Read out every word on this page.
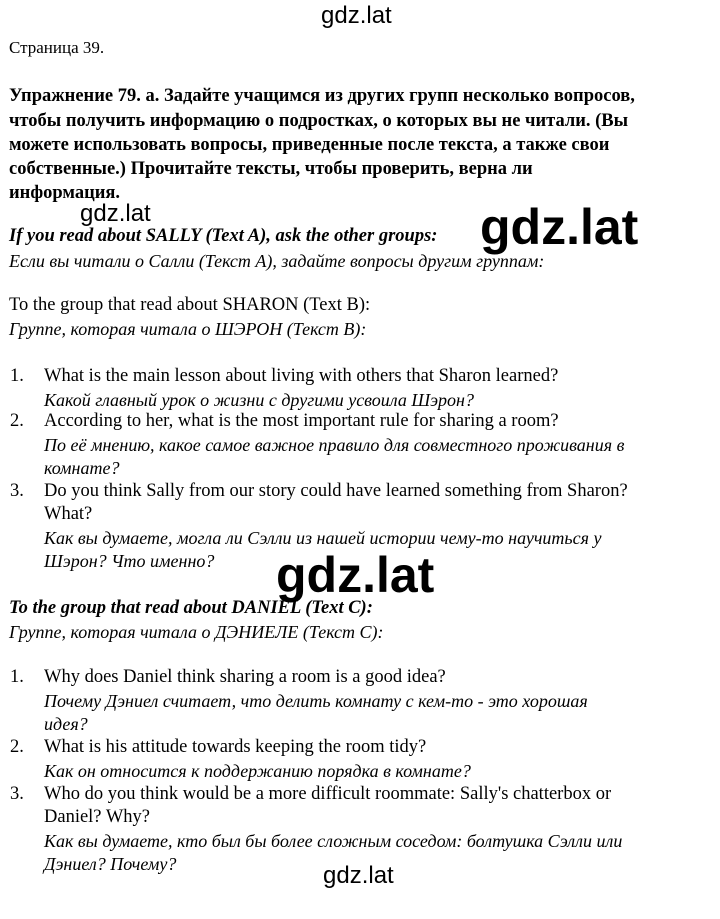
gdz.lat
gdz.lat	gdz.lat
gdz.lat
gdz.lat
Страница 39.
Упражнение 79. а. Задайте учащимся из других групп несколько вопросов,
чтобы получить информацию о подростках, о которых вы не читали. (Вы
можете использовать вопросы, приведенные после текста, а также свои
собственные.) Прочитайте тексты, чтобы проверить, верна ли
информация.
If you read about SALLY (Text A), ask the other groups:
Если вы читали о Салли (Текст А), задайте вопросы другим группам:
To the group that read about SHARON (Text B):
Группе, которая читала о ШЭРОН (Текст В):
1. What is the main lesson about living with others that Sharon learned?
Какой главный урок о жизни с другими усвоила Шэрон?
2. According to her, what is the most important rule for sharing a room?
По её мнению, какое самое важное правило для совместного проживания в
комнате?
3. Do you think Sally from our story could have learned something from Sharon?
What?
Как вы думаете, могла ли Сэлли из нашей истории чему-то научиться у
Шэрон? Что именно?
To the group that read about DANIEL (Text C):
Группе, которая читала о ДЭНИЕЛЕ (Текст С):
1. Why does Daniel think sharing a room is a good idea?
Почему Дэниел считает, что делить комнату с кем-то - это хорошая
идея?
2. What is his attitude towards keeping the room tidy?
Как он относится к поддержанию порядка в комнате?
3. Who do you think would be a more difficult roommate: Sally's chatterbox or
Daniel? Why?
Как вы думаете, кто был бы более сложным соседом: болтушка Сэлли или
Дэниел? Почему?
